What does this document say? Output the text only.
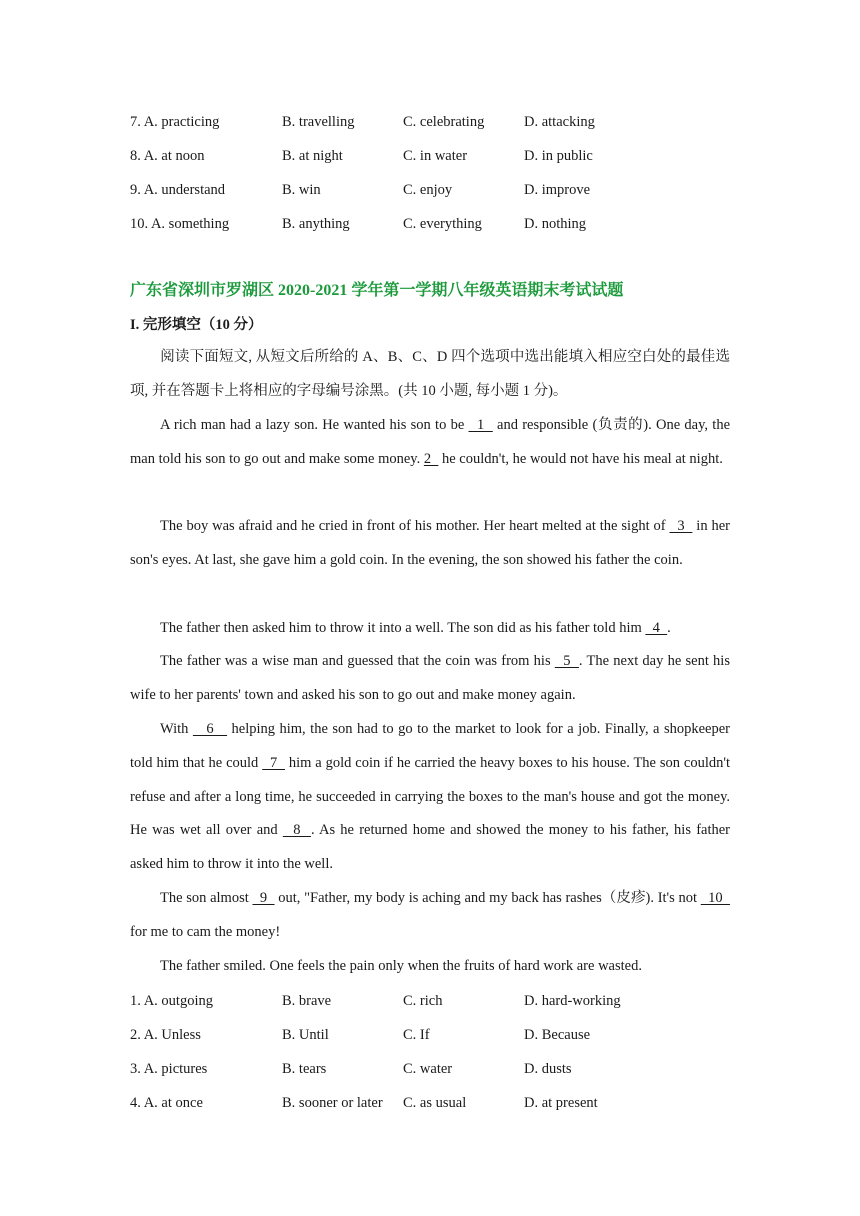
7. A. practicing	B. travelling	C. celebrating	D. attacking
8. A. at noon	B. at night	C. in water	D. in public
9. A. understand	B. win	C. enjoy	D. improve
10. A. something	B. anything	C. everything	D. nothing
广东省深圳市罗湖区 2020-2021 学年第一学期八年级英语期末考试试题
I. 完形填空（10 分）
阅读下面短文, 从短文后所给的 A、B、C、D 四个选项中选出能填入相应空白处的最佳选项, 并在答题卡上将相应的字母编号涂黑。(共 10 小题, 每小题 1 分)。
A rich man had a lazy son. He wanted his son to be   1   and responsible (负责的). One day, the man told his son to go out and make some money. 2   he couldn't, he would not have his meal at night.
The boy was afraid and he cried in front of his mother. Her heart melted at the sight of   3   in her son's eyes. At last, she gave him a gold coin. In the evening, the son showed his father the coin.
The father then asked him to throw it into a well. The son did as his father told him   4  .
The father was a wise man and guessed that the coin was from his   5  . The next day he sent his wife to her parents' town and asked his son to go out and make money again.
With    6    helping him, the son had to go to the market to look for a job. Finally, a shopkeeper told him that he could   7   him a gold coin if he carried the heavy boxes to his house. The son couldn't refuse and after a long time, he succeeded in carrying the boxes to the man's house and got the money. He was wet all over and   8  . As he returned home and showed the money to his father, his father asked him to throw it into the well.
The son almost   9   out, "Father, my body is aching and my back has rashes（皮疹). It's not   10   for me to cam the money!
The father smiled. One feels the pain only when the fruits of hard work are wasted.
1. A. outgoing	B. brave	C. rich	D. hard-working
2. A. Unless	B. Until	C. If	D. Because
3. A. pictures	B. tears	C. water	D. dusts
4. A. at once	B. sooner or later C. as usual	D. at present
